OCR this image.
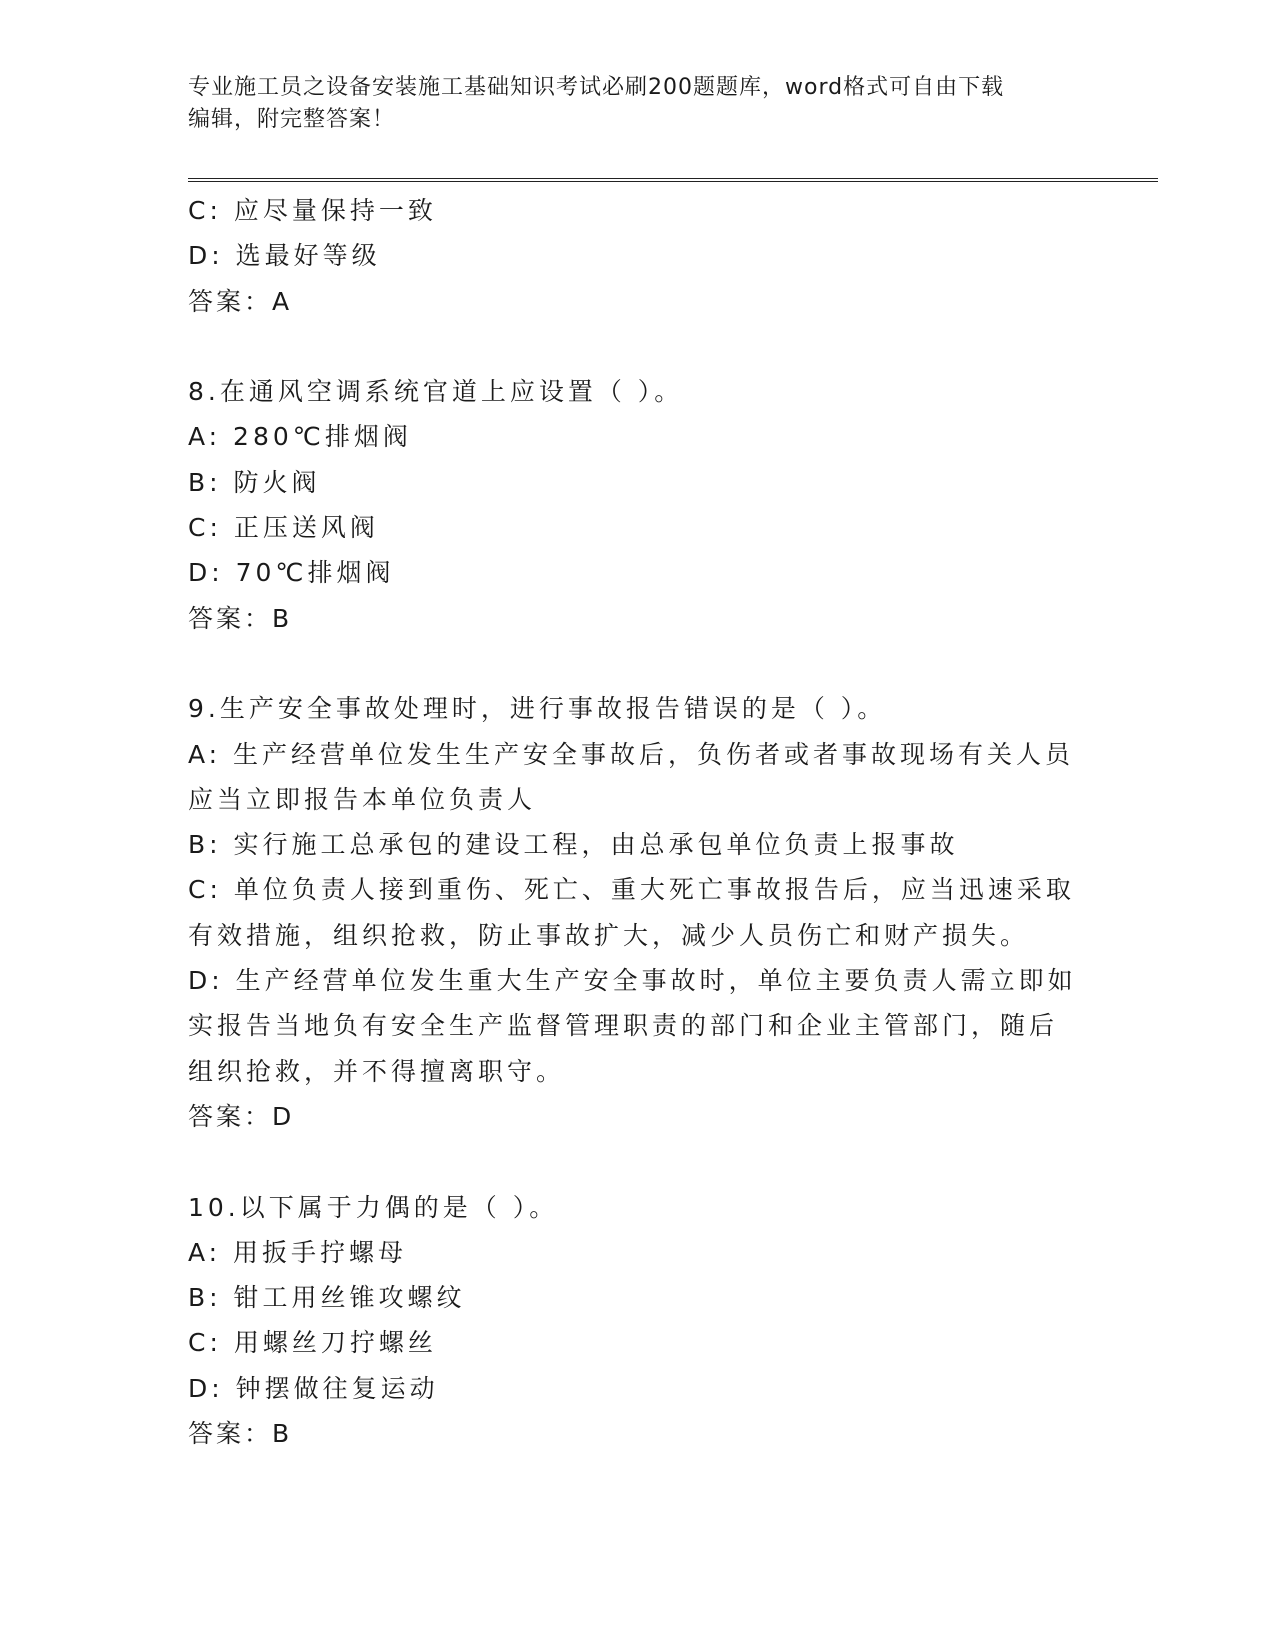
专业施工员之设备安装施工基础知识考试必刷200题题库，word格式可自由下载
编辑，附完整答案！
C: 应尽量保持一致
D: 选最好等级
答案：A
8.在通风空调系统官道上应设置（ ）。
A: 280℃排烟阀
B: 防火阀
C: 正压送风阀
D: 70℃排烟阀
答案：B
9.生产安全事故处理时，进行事故报告错误的是（ ）。
A: 生产经营单位发生生产安全事故后，负伤者或者事故现场有关人员
应当立即报告本单位负责人
B: 实行施工总承包的建设工程，由总承包单位负责上报事故
C: 单位负责人接到重伤、死亡、重大死亡事故报告后，应当迅速采取
有效措施，组织抢救，防止事故扩大，减少人员伤亡和财产损失。
D: 生产经营单位发生重大生产安全事故时，单位主要负责人需立即如
实报告当地负有安全生产监督管理职责的部门和企业主管部门，随后
组织抢救，并不得擅离职守。
答案：D
10.以下属于力偶的是（ ）。
A: 用扳手拧螺母
B: 钳工用丝锥攻螺纹
C: 用螺丝刀拧螺丝
D: 钟摆做往复运动
答案：B
